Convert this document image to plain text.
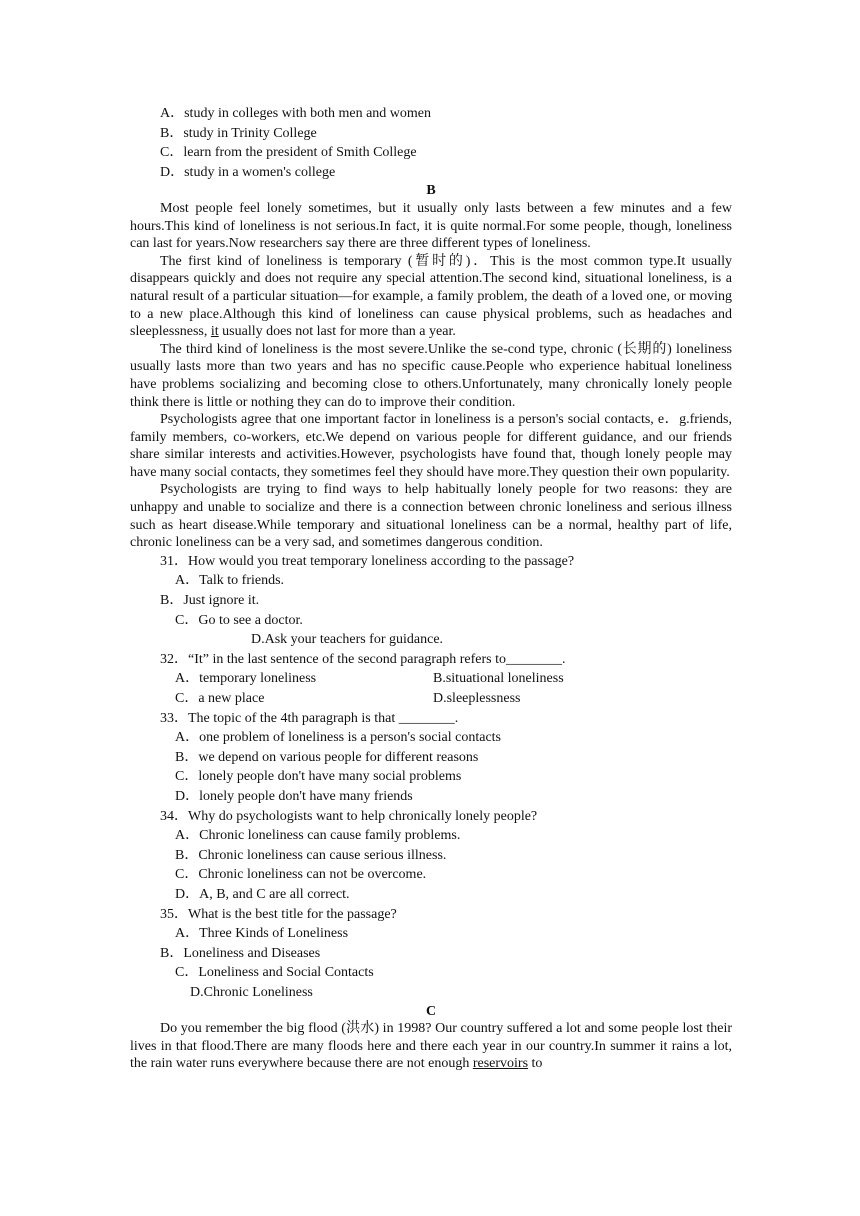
A．study in colleges with both men and women
B．study in Trinity College
C．learn from the president of Smith College
D．study in a women's college
B

Most people feel lonely sometimes, but it usually only lasts between a few minutes and a few hours.This kind of loneliness is not serious.In fact, it is quite normal.For some people, though, loneliness can last for years.Now researchers say there are three different types of loneliness.

The first kind of loneliness is temporary (暂时的)．This is the most common type.It usually disappears quickly and does not require any special attention.The second kind, situational loneliness, is a natural result of a particular situation—for example, a family problem, the death of a loved one, or moving to a new place.Although this kind of loneliness can cause physical problems, such as headaches and sleeplessness, it usually does not last for more than a year.

The third kind of loneliness is the most severe.Unlike the se-cond type, chronic (长期的) loneliness usually lasts more than two years and has no specific cause.People who experience habitual loneliness have problems socializing and becoming close to others.Unfortunately, many chronically lonely people think there is little or nothing they can do to improve their condition.

Psychologists agree that one important factor in loneliness is a person's social contacts, e．g.friends, family members, co-workers, etc.We depend on various people for different guidance, and our friends share similar interests and activities.However, psychologists have found that, though lonely people may have many social contacts, they sometimes feel they should have more.They question their own popularity.

Psychologists are trying to find ways to help habitually lonely people for two reasons: they are unhappy and unable to socialize and there is a connection between chronic loneliness and serious illness such as heart disease.While temporary and situational loneliness can be a normal, healthy part of life, chronic loneliness can be a very sad, and sometimes dangerous condition.

31．How would you treat temporary loneliness according to the passage?
A．Talk to friends.
B．Just ignore it.
C．Go to see a doctor.
D.Ask your teachers for guidance.
32．“It” in the last sentence of the second paragraph refers to________.
A．temporary loneliness	B.situational loneliness
C．a new place	D.sleeplessness
33．The topic of the 4th paragraph is that ________.
A．one problem of loneliness is a person's social contacts
B．we depend on various people for different reasons
C．lonely people don't have many social problems
D．lonely people don't have many friends
34．Why do psychologists want to help chronically lonely people?
A．Chronic loneliness can cause family problems.
B．Chronic loneliness can cause serious illness.
C．Chronic loneliness can not be overcome.
D．A, B, and C are all correct.
35．What is the best title for the passage?
A．Three Kinds of Loneliness
B．Loneliness and Diseases
C．Loneliness and Social Contacts
D.Chronic Loneliness
C

Do you remember the big flood (洪水) in 1998? Our country suffered a lot and some people lost their lives in that flood.There are many floods here and there each year in our country.In summer it rains a lot, the rain water runs everywhere because there are not enough reservoirs to
